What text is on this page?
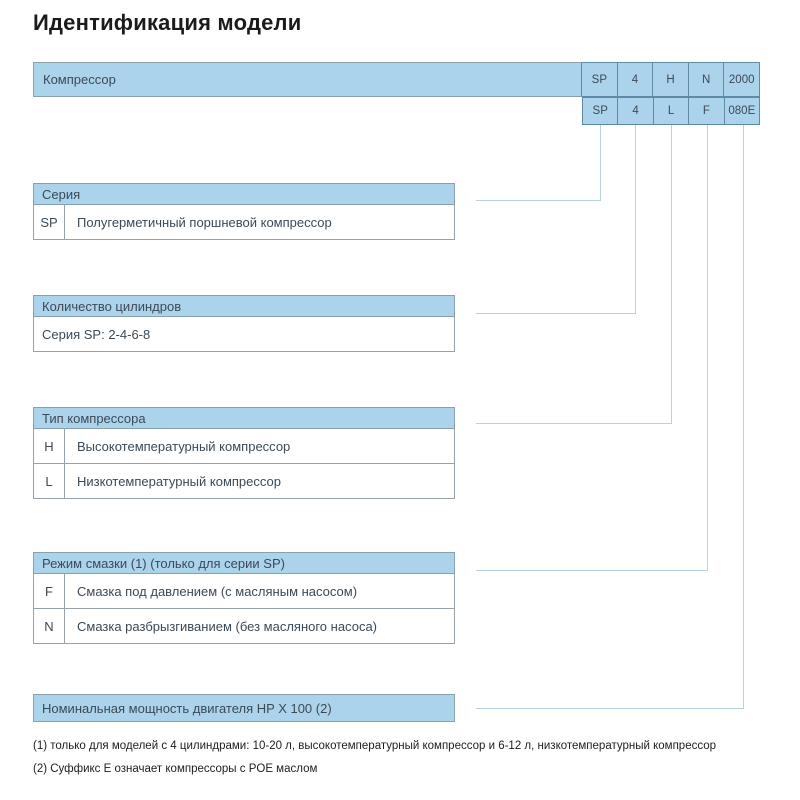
Идентификация модели
Компрессор	SP	4	H	N	2000
SP	4	L	F	080E
Серия
SP	Полугерметичный поршневой компрессор
Количество цилиндров
Серия SP: 2-4-6-8
Тип компрессора
H	Высокотемпературный компрессор
L	Низкотемпературный компрессор
Режим смазки (1) (только для серии SP)
F	Смазка под давлением (с масляным насосом)
N	Смазка разбрызгиванием (без масляного насоса)
Номинальная мощность двигателя HP X 100 (2)
(1) только для моделей с 4 цилиндрами: 10-20 л, высокотемпературный компрессор и 6-12 л, низкотемпературный компрессор
(2) Суффикс Е означает компрессоры с POE маслом
